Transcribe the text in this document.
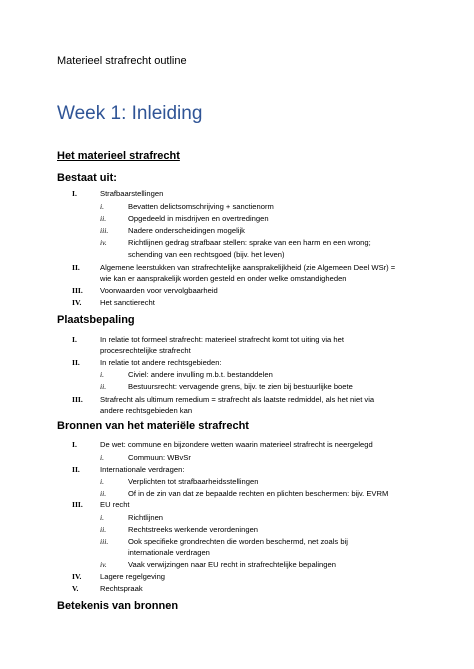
Materieel strafrecht outline
Week 1: Inleiding
Het materieel strafrecht
Bestaat uit:
I.	Strafbaarstellingen
i.	Bevatten delictsomschrijving + sanctienorm
ii.	Opgedeeld in misdrijven en overtredingen
iii.	Nadere onderscheidingen mogelijk
iv.	Richtlijnen gedrag strafbaar stellen: sprake van een harm en een wrong;
schending van een rechtsgoed (bijv. het leven)
II.	Algemene leerstukken van strafrechtelijke aansprakelijkheid (zie Algemeen Deel WSr) =
wie kan er aansprakelijk worden gesteld en onder welke omstandigheden
III. Voorwaarden voor vervolgbaarheid
IV. Het sanctierecht
Plaatsbepaling
I.	In relatie tot formeel strafrecht: materieel strafrecht komt tot uiting via het
procesrechtelijke strafrecht
II.	In relatie tot andere rechtsgebieden:
i.	Civiel: andere invulling m.b.t. bestanddelen
ii.	Bestuursrecht: vervagende grens, bijv. te zien bij bestuurlijke boete
III. Strafrecht als ultimum remedium = strafrecht als laatste redmiddel, als het niet via
andere rechtsgebieden kan
Bronnen van het materiële strafrecht
I.	De wet: commune en bijzondere wetten waarin materieel strafrecht is neergelegd
i.	Commuun: WBvSr
II.	Internationale verdragen:
i.	Verplichten tot strafbaarheidsstellingen
ii.	Of in de zin van dat ze bepaalde rechten en plichten beschermen: bijv. EVRM
III. EU recht
i.	Richtlijnen
ii.	Rechtstreeks werkende verordeningen
iii.	Ook specifieke grondrechten die worden beschermd, net zoals bij
internationale verdragen
iv.	Vaak verwijzingen naar EU recht in strafrechtelijke bepalingen
IV. Lagere regelgeving
V.	Rechtspraak
Betekenis van bronnen
